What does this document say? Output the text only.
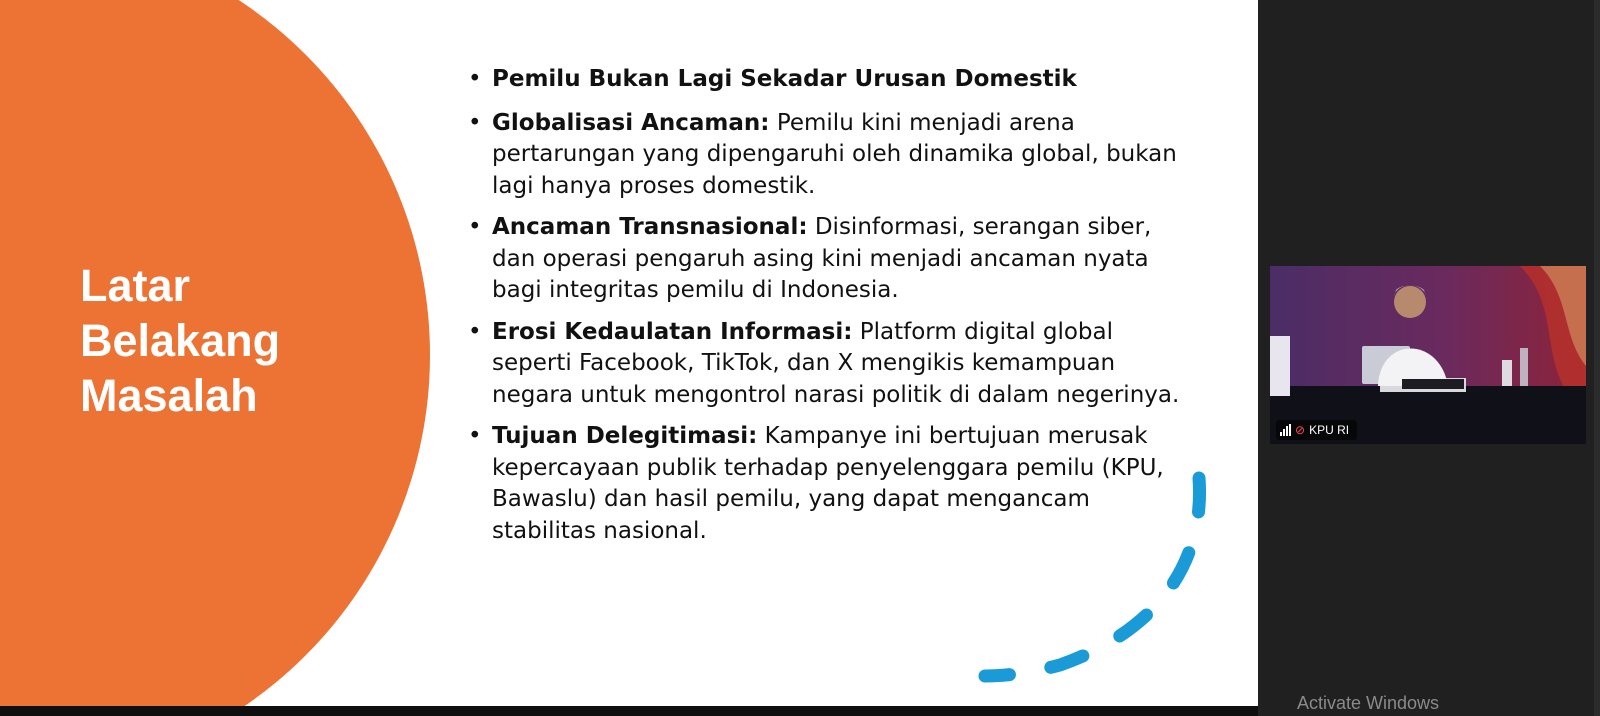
Latar
Belakang
Masalah
• Pemilu Bukan Lagi Sekadar Urusan Domestik
• Globalisasi Ancaman: Pemilu kini menjadi arena pertarungan yang dipengaruhi oleh dinamika global, bukan lagi hanya proses domestik.
• Ancaman Transnasional: Disinformasi, serangan siber, dan operasi pengaruh asing kini menjadi ancaman nyata bagi integritas pemilu di Indonesia.
• Erosi Kedaulatan Informasi: Platform digital global seperti Facebook, TikTok, dan X mengikis kemampuan negara untuk mengontrol narasi politik di dalam negerinya.
• Tujuan Delegitimasi: Kampanye ini bertujuan merusak kepercayaan publik terhadap penyelenggara pemilu (KPU, Bawaslu) dan hasil pemilu, yang dapat mengancam stabilitas nasional.
⊘ KPU RI
Activate Windows
